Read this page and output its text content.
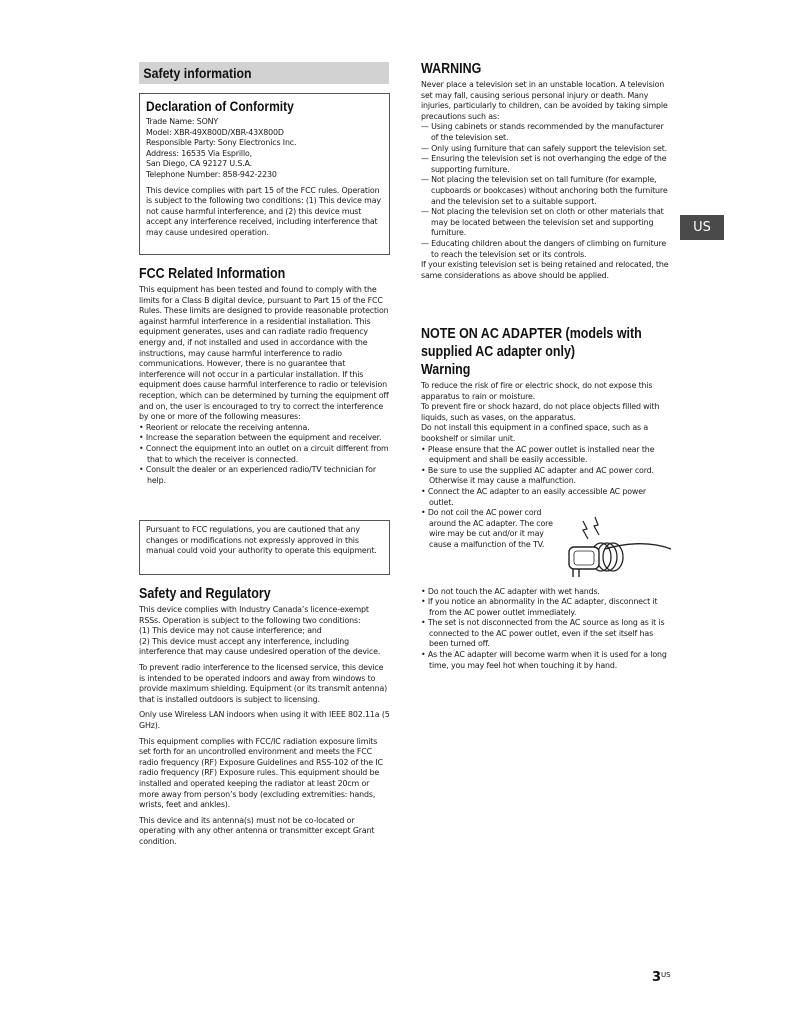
Safety information
Declaration of Conformity

Trade Name: SONY

Model: XBR-49X800D/XBR-43X800D

Responsible Party: Sony Electronics Inc.

Address: 16535 Via Esprillo,

San Diego, CA 92127 U.S.A.

Telephone Number: 858-942-2230

This device complies with part 15 of the FCC rules. Operation is subject to the following two conditions: (1) This device may not cause harmful interference, and (2) this device must accept any interference received, including interference that may cause undesired operation.

FCC Related Information

This equipment has been tested and found to comply with the limits for a Class B digital device, pursuant to Part 15 of the FCC Rules. These limits are designed to provide reasonable protection against harmful interference in a residential installation. This equipment generates, uses and can radiate radio frequency energy and, if not installed and used in accordance with the instructions, may cause harmful interference to radio communications. However, there is no guarantee that interference will not occur in a particular installation. If this equipment does cause harmful interference to radio or television reception, which can be determined by turning the equipment off and on, the user is encouraged to try to correct the interference by one or more of the following measures:

• Reorient or relocate the receiving antenna.
• Increase the separation between the equipment and receiver.
• Connect the equipment into an outlet on a circuit different from that to which the receiver is connected.
• Consult the dealer or an experienced radio/TV technician for help.

Pursuant to FCC regulations, you are cautioned that any changes or modifications not expressly approved in this manual could void your authority to operate this equipment.

Safety and Regulatory

This device complies with Industry Canada’s licence-exempt RSSs. Operation is subject to the following two conditions:

(1) This device may not cause interference; and

(2) This device must accept any interference, including interference that may cause undesired operation of the device.

To prevent radio interference to the licensed service, this device is intended to be operated indoors and away from windows to provide maximum shielding. Equipment (or its transmit antenna) that is installed outdoors is subject to licensing.

Only use Wireless LAN indoors when using it with IEEE 802.11a (5 GHz).

This equipment complies with FCC/IC radiation exposure limits set forth for an uncontrolled environment and meets the FCC radio frequency (RF) Exposure Guidelines and RSS-102 of the IC radio frequency (RF) Exposure rules. This equipment should be installed and operated keeping the radiator at least 20cm or more away from person’s body (excluding extremities: hands, wrists, feet and ankles).

This device and its antenna(s) must not be co-located or operating with any other antenna or transmitter except Grant condition.

WARNING

Never place a television set in an unstable location. A television set may fall, causing serious personal injury or death. Many injuries, particularly to children, can be avoided by taking simple precautions such as:

— Using cabinets or stands recommended by the manufacturer of the television set.
— Only using furniture that can safely support the television set.
— Ensuring the television set is not overhanging the edge of the supporting furniture.
— Not placing the television set on tall furniture (for example, cupboards or bookcases) without anchoring both the furniture and the television set to a suitable support.
— Not placing the television set on cloth or other materials that may be located between the television set and supporting furniture.
— Educating children about the dangers of climbing on furniture to reach the television set or its controls.

If your existing television set is being retained and relocated, the same considerations as above should be applied.

NOTE ON AC ADAPTER (models with
supplied AC adapter only)
Warning

To reduce the risk of fire or electric shock, do not expose this apparatus to rain or moisture.

To prevent fire or shock hazard, do not place objects filled with liquids, such as vases, on the apparatus.

Do not install this equipment in a confined space, such as a bookshelf or similar unit.

• Please ensure that the AC power outlet is installed near the equipment and shall be easily accessible.
• Be sure to use the supplied AC adapter and AC power cord. Otherwise it may cause a malfunction.
• Connect the AC adapter to an easily accessible AC power outlet.
• Do not coil the AC power cord around the AC adapter. The core wire may be cut and/or it may cause a malfunction of the TV.
• Do not touch the AC adapter with wet hands.
• If you notice an abnormality in the AC adapter, disconnect it from the AC power outlet immediately.
• The set is not disconnected from the AC source as long as it is connected to the AC power outlet, even if the set itself has been turned off.
• As the AC adapter will become warm when it is used for a long time, you may feel hot when touching it by hand.
US
$3^{US}$
